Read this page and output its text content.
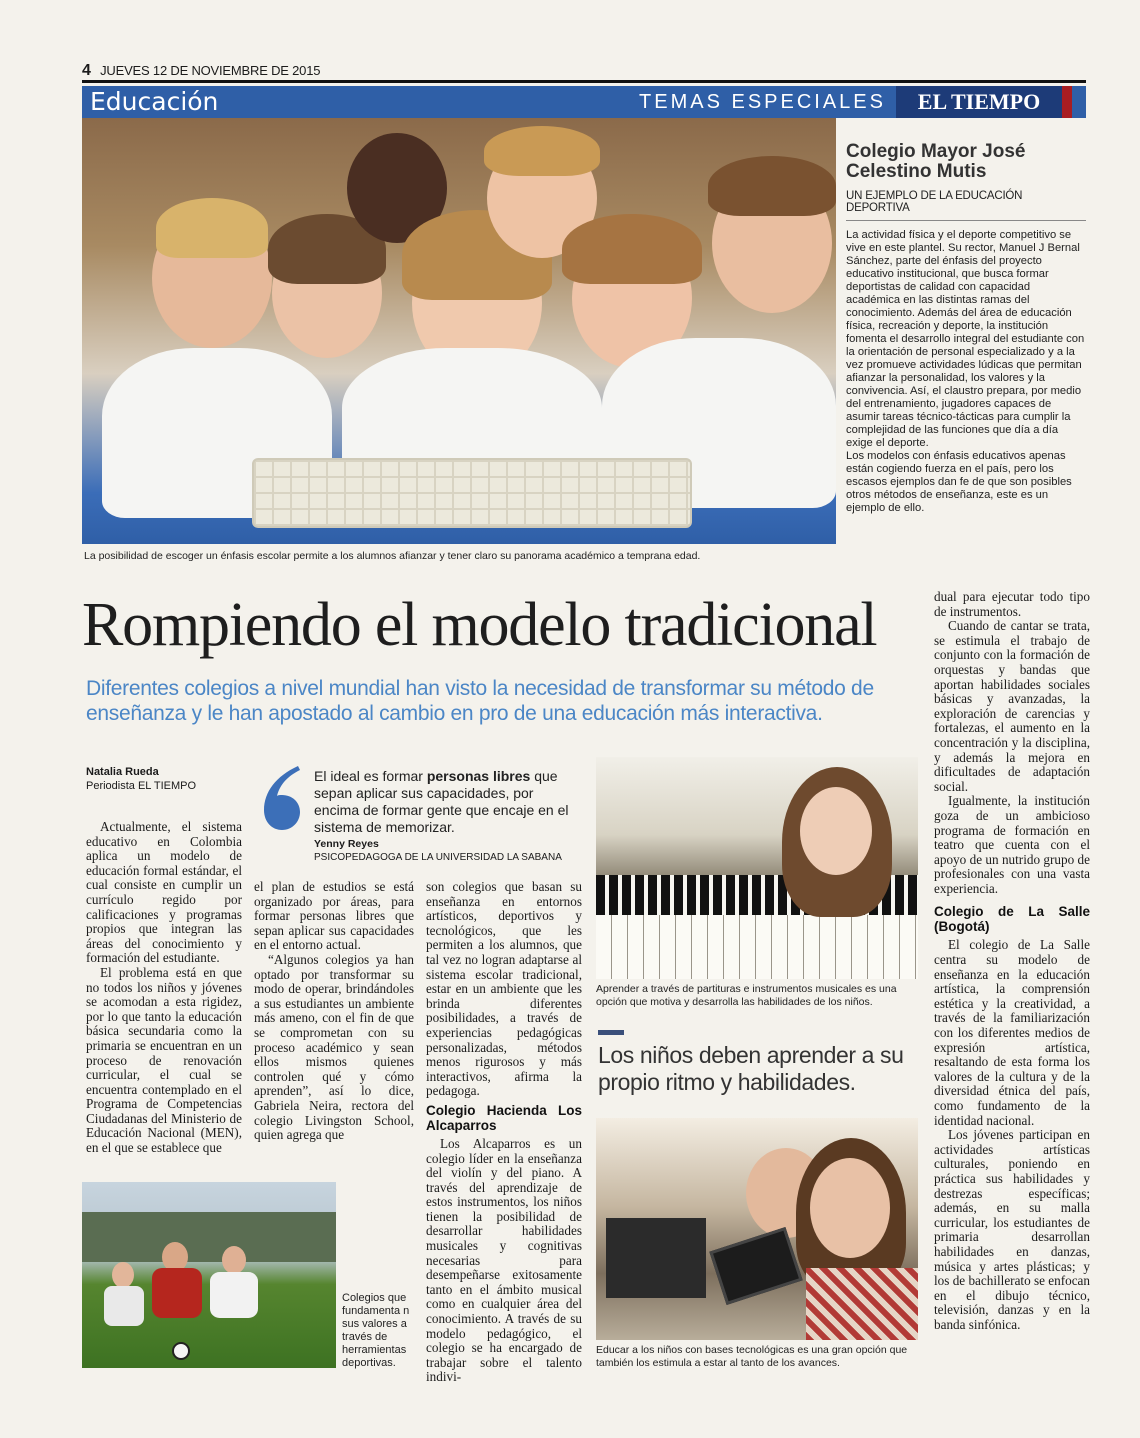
4 JUEVES 12 DE NOVIEMBRE DE 2015
Educación	TEMAS ESPECIALES	EL TIEMPO
La posibilidad de escoger un énfasis escolar permite a los alumnos afianzar y tener claro su panorama académico a temprana edad.
Colegio Mayor José Celestino Mutis
UN EJEMPLO DE LA EDUCACIÓN DEPORTIVA

La actividad física y el deporte competitivo se vive en este plantel. Su rector, Manuel J Bernal Sánchez, parte del énfasis del proyecto educativo institucional, que busca formar deportistas de calidad con capacidad académica en las distintas ramas del conocimiento. Además del área de educación física, recreación y deporte, la institución fomenta el desarrollo integral del estudiante con la orientación de personal especializado y a la vez promueve actividades lúdicas que permitan afianzar la personalidad, los valores y la convivencia. Así, el claustro prepara, por medio del entrenamiento, jugadores capaces de asumir tareas técnico-tácticas para cumplir la complejidad de las funciones que día a día exige el deporte.

Los modelos con énfasis educativos apenas están cogiendo fuerza en el país, pero los escasos ejemplos dan fe de que son posibles otros métodos de enseñanza, este es un ejemplo de ello.

Rompiendo el modelo tradicional
Diferentes colegios a nivel mundial han visto la necesidad de transformar su método de enseñanza y le han apostado al cambio en pro de una educación más interactiva.
Natalia Rueda
Periodista EL TIEMPO
El ideal es formar personas libres que sepan aplicar sus capacidades, por encima de formar gente que encaje en el sistema de memorizar.
Yenny Reyes
PSICOPEDAGOGA DE LA UNIVERSIDAD LA SABANA

Actualmente, el sistema educativo en Colombia aplica un modelo de educación formal estándar, el cual consiste en cumplir un currículo regido por calificaciones y programas propios que integran las áreas del conocimiento y formación del estudiante.

El problema está en que no todos los niños y jóvenes se acomodan a esta rigidez, por lo que tanto la educación básica secundaria como la primaria se encuentran en un proceso de renovación curricular, el cual se encuentra contemplado en el Programa de Competencias Ciudadanas del Ministerio de Educación Nacional (MEN), en el que se establece que

el plan de estudios se está organizado por áreas, para formar personas libres que sepan aplicar sus capacidades en el entorno actual.

“Algunos colegios ya han optado por transformar su modo de operar, brindándoles a sus estudiantes un ambiente más ameno, con el fin de que se comprometan con su proceso académico y sean ellos mismos quienes controlen qué y cómo aprenden”, así lo dice, Gabriela Neira, rectora del colegio Livingston School, quien agrega que

son colegios que basan su enseñanza en entornos artísticos, deportivos y tecnológicos, que les permiten a los alumnos, que tal vez no logran adaptarse al sistema escolar tradicional, estar en un ambiente que les brinda diferentes posibilidades, a través de experiencias pedagógicas personalizadas, métodos menos rigurosos y más interactivos, afirma la pedagoga.

Colegio Hacienda Los Alcaparros

Los Alcaparros es un colegio líder en la enseñanza del violín y del piano. A través del aprendizaje de estos instrumentos, los niños tienen la posibilidad de desarrollar habilidades musicales y cognitivas necesarias para desempeñarse exitosamente tanto en el ámbito musical como en cualquier área del conocimiento. A través de su modelo pedagógico, el colegio se ha encargado de trabajar sobre el talento indivi-

Aprender a través de partituras e instrumentos musicales es una opción que motiva y desarrolla las habilidades de los niños.
Los niños deben aprender a su propio ritmo y habilidades.
Educar a los niños con bases tecnológicas es una gran opción que también los estimula a estar al tanto de los avances.
Colegios que fundamenta n sus valores a través de herramientas deportivas.

dual para ejecutar todo tipo de instrumentos.

Cuando de cantar se trata, se estimula el trabajo de conjunto con la formación de orquestas y bandas que aportan habilidades sociales básicas y avanzadas, la exploración de carencias y fortalezas, el aumento en la concentración y la disciplina, y además la mejora en dificultades de adaptación social.

Igualmente, la institución goza de un ambicioso programa de formación en teatro que cuenta con el apoyo de un nutrido grupo de profesionales con una vasta experiencia.

Colegio de La Salle (Bogotá)

El colegio de La Salle centra su modelo de enseñanza en la educación artística, la comprensión estética y la creatividad, a través de la familiarización con los diferentes medios de expresión artística, resaltando de esta forma los valores de la cultura y de la diversidad étnica del país, como fundamento de la identidad nacional.

Los jóvenes participan en actividades artísticas culturales, poniendo en práctica sus habilidades y destrezas específicas; además, en su malla curricular, los estudiantes de primaria desarrollan habilidades en danzas, música y artes plásticas; y los de bachillerato se enfocan en el dibujo técnico, televisión, danzas y en la banda sinfónica.
